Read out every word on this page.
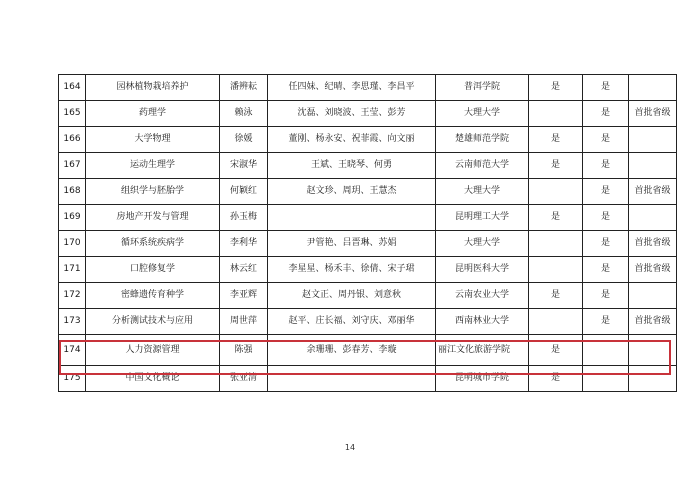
164	园林植物栽培养护	潘辨耘	任四妹、纪晴、李思瑾、李昌平	普洱学院	是	是	
165	药理学	赖泳	沈磊、刘晓波、王莹、彭芳	大理大学		是	首批省级
166	大学物理	徐媛	董刚、杨永安、祝菲霞、向文丽	楚雄师范学院	是	是	
167	运动生理学	宋淑华	王斌、王晓琴、何勇	云南师范大学	是	是	
168	组织学与胚胎学	何颖红	赵文珍、周玥、王慧杰	大理大学		是	首批省级
169	房地产开发与管理	孙玉梅		昆明理工大学	是	是	
170	循环系统疾病学	李利华	尹管艳、吕晋琳、苏娟	大理大学		是	首批省级
171	口腔修复学	林云红	李星星、杨禾丰、徐倩、宋子珺	昆明医科大学		是	首批省级
172	密蜂遗传育种学	李亚辉	赵文正、周丹银、刘意秋	云南农业大学	是	是	
173	分析测试技术与应用	周世萍	赵平、庄长福、刘守庆、邓丽华	西南林业大学		是	首批省级
174	人力资源管理	陈强	余珊珊、彭春芳、李璇	丽江文化旅游学院	是		
175	中国文化概论	张亚清		昆明城市学院	是		
14
